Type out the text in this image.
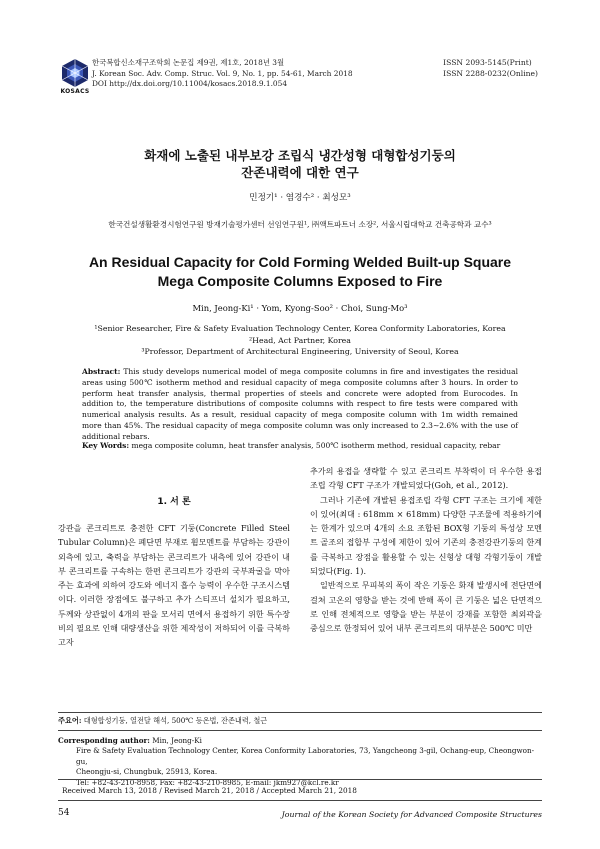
KOSACS
한국복합신소재구조학회 논문집 제9권, 제1호, 2018년 3월
J. Korean Soc. Adv. Comp. Struc. Vol. 9, No. 1, pp. 54-61, March 2018
DOI http://dx.doi.org/10.11004/kosacs.2018.9.1.054
ISSN 2093-5145(Print)
ISSN 2288-0232(Online)
화재에 노출된 내부보강 조립식 냉간성형 대형합성기둥의
잔존내력에 대한 연구
민정기¹ · 염경수² · 최성모³
한국건설생활환경시험연구원 방재기술평가센터 선임연구원¹, ㈜액트파트너 소장², 서울시립대학교 건축공학과 교수³
An Residual Capacity for Cold Forming Welded Built-up Square
Mega Composite Columns Exposed to Fire
Min, Jeong-Ki¹ · Yom, Kyong-Soo² · Choi, Sung-Mo³
¹Senior Researcher, Fire & Safety Evaluation Technology Center, Korea Conformity Laboratories, Korea
²Head, Act Partner, Korea
³Professor, Department of Architectural Engineering, University of Seoul, Korea
Abstract: This study develops numerical model of mega composite columns in fire and investigates the residual areas using 500℃ isotherm method and residual capacity of mega composite columns after 3 hours. In order to perform heat transfer analysis, thermal properties of steels and concrete were adopted from Eurocodes. In addition to, the temperature distributions of composite columns with respect to fire tests were compared with numerical analysis results. As a result, residual capacity of mega composite column with 1m width remained more than 45%. The residual capacity of mega composite column was only increased to 2.3∼2.6% with the use of additional rebars.
Key Words: mega composite column, heat transfer analysis, 500℃ isotherm method, residual capacity, rebar
1. 서 론

강관을 콘크리트로 충전한 CFT 기둥(Concrete Filled Steel Tubular Column)은 폐단면 부재로 휨모멘트를 부담하는 강관이 외측에 있고, 축력을 부담하는 콘크리트가 내측에 있어 강관이 내부 콘크리트를 구속하는 한편 콘크리트가 강관의 국부좌굴을 막아주는 효과에 의하여 강도와 에너지 흡수 능력이 우수한 구조시스템이다. 이러한 장점에도 불구하고 추가 스티프너 설치가 필요하고, 두께와 상관없이 4개의 판을 모서리 면에서 용접하기 위한 특수장비의 필요로 인해 대량생산을 위한 제작성이 저하되어 이를 극복하고자

추가의 용접을 생략할 수 있고 콘크리트 부착력이 더 우수한 용접조립 각형 CFT 구조가 개발되었다(Goh, et al., 2012).

그러나 기존에 개발된 용접조립 각형 CFT 구조는 크기에 제한이 있어(최대 : 618mm × 618mm) 다양한 구조물에 적용하기에는 한계가 있으며 4개의 소요 조합된 BOX형 기둥의 특성상 모멘트 골조의 접합부 구성에 제한이 있어 기존의 충전강관기둥의 한계를 극복하고 장점을 활용할 수 있는 신형상 대형 각형기둥이 개발되었다(Fig. 1).

일반적으로 무피복의 폭이 작은 기둥은 화재 발생시에 전단면에 걸쳐 고온의 영향을 받는 것에 반해 폭이 큰 기둥은 넓은 단면적으로 인해 전체적으로 영향을 받는 부분이 강재를 포함한 최외곽을 중심으로 한정되어 있어 내부 콘크리트의 대부분은 500℃ 미만

주요어: 대형합성기둥, 열전달 해석, 500℃ 등온법, 잔존내력, 철근
Corresponding author: Min, Jeong-Ki
Fire & Safety Evaluation Technology Center, Korea Conformity Laboratories, 73, Yangcheong 3-gil, Ochang-eup, Cheongwon-gu,
Cheongju-si, Chungbuk, 25913, Korea.
Tel: +82-43-210-8958, Fax: +82-43-210-8985, E-mail: jkm927@kcl.re.kr
Received March 13, 2018 / Revised March 21, 2018 / Accepted March 21, 2018
54	Journal of the Korean Society for Advanced Composite Structures
